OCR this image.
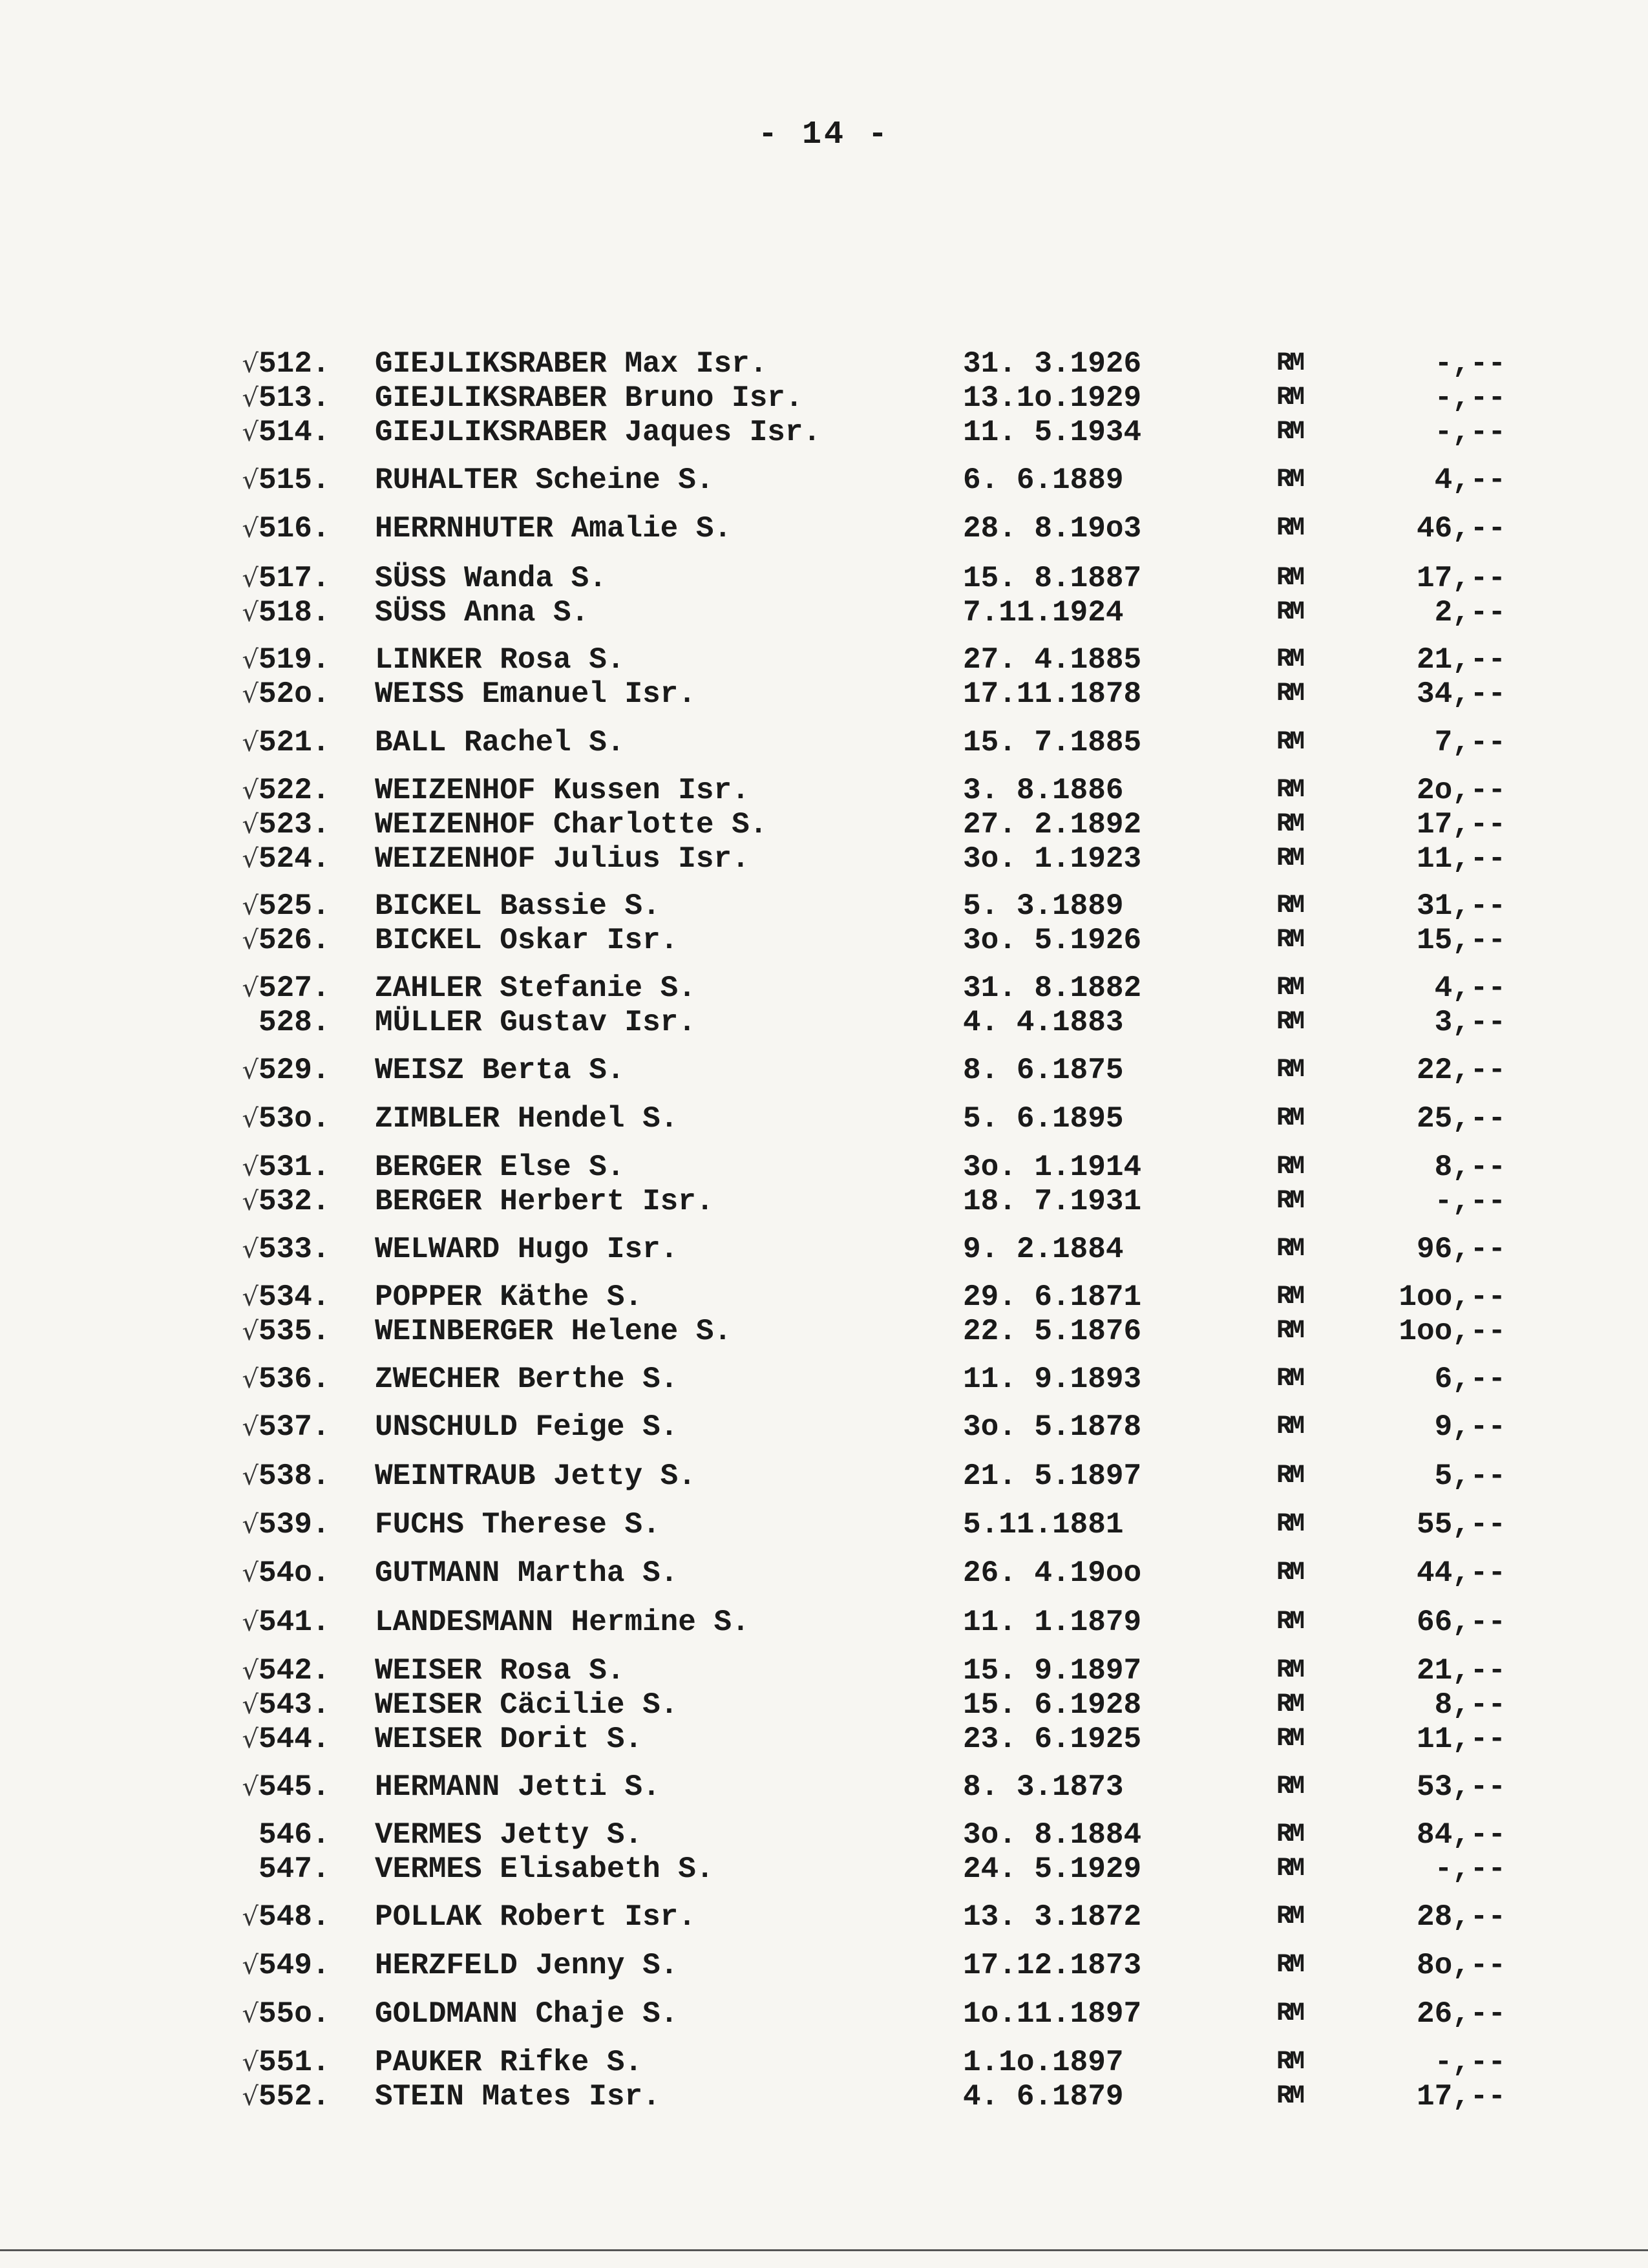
- 14 -
√ 512.	GIEJLIKSRABER Max Isr.	31. 3.1926	RM	-,--
√ 513.	GIEJLIKSRABER Bruno Isr.	13.1o.1929	RM	-,--
√ 514.	GIEJLIKSRABER Jaques Isr.	11. 5.1934	RM	-,--
√ 515.	RUHALTER Scheine S.	6. 6.1889	RM	4,--
√ 516.	HERRNHUTER Amalie S.	28. 8.19o3	RM	46,--
√ 517.	SÜSS Wanda S.	15. 8.1887	RM	17,--
√ 518.	SÜSS Anna S.	7.11.1924	RM	2,--
√ 519.	LINKER Rosa S.	27. 4.1885	RM	21,--
√ 52o.	WEISS Emanuel Isr.	17.11.1878	RM	34,--
√ 521.	BALL Rachel S.	15. 7.1885	RM	7,--
√ 522.	WEIZENHOF Kussen Isr.	3. 8.1886	RM	2o,--
√ 523.	WEIZENHOF Charlotte S.	27. 2.1892	RM	17,--
√ 524.	WEIZENHOF Julius Isr.	3o. 1.1923	RM	11,--
√ 525.	BICKEL Bassie S.	5. 3.1889	RM	31,--
√ 526.	BICKEL Oskar Isr.	3o. 5.1926	RM	15,--
√ 527.	ZAHLER Stefanie S.	31. 8.1882	RM	4,--
528.	MÜLLER Gustav Isr.	4. 4.1883	RM	3,--
√ 529.	WEISZ Berta S.	8. 6.1875	RM	22,--
√ 53o.	ZIMBLER Hendel S.	5. 6.1895	RM	25,--
√ 531.	BERGER Else S.	3o. 1.1914	RM	8,--
√ 532.	BERGER Herbert Isr.	18. 7.1931	RM	-,--
√ 533.	WELWARD Hugo Isr.	9. 2.1884	RM	96,--
√ 534.	POPPER Käthe S.	29. 6.1871	RM	1oo,--
√ 535.	WEINBERGER Helene S.	22. 5.1876	RM	1oo,--
√ 536.	ZWECHER Berthe S.	11. 9.1893	RM	6,--
√ 537.	UNSCHULD Feige S.	3o. 5.1878	RM	9,--
√ 538.	WEINTRAUB Jetty S.	21. 5.1897	RM	5,--
√ 539.	FUCHS Therese S.	5.11.1881	RM	55,--
√ 54o.	GUTMANN Martha S.	26. 4.19oo	RM	44,--
√ 541.	LANDESMANN Hermine S.	11. 1.1879	RM	66,--
√ 542.	WEISER Rosa S.	15. 9.1897	RM	21,--
√ 543.	WEISER Cäcilie S.	15. 6.1928	RM	8,--
√ 544.	WEISER Dorit S.	23. 6.1925	RM	11,--
√ 545.	HERMANN Jetti S.	8. 3.1873	RM	53,--
546.	VERMES Jetty S.	3o. 8.1884	RM	84,--
547.	VERMES Elisabeth S.	24. 5.1929	RM	-,--
√ 548.	POLLAK Robert Isr.	13. 3.1872	RM	28,--
√ 549.	HERZFELD Jenny S.	17.12.1873	RM	8o,--
√ 55o.	GOLDMANN Chaje S.	1o.11.1897	RM	26,--
√ 551.	PAUKER Rifke S.	1.1o.1897	RM	-,--
√ 552.	STEIN Mates Isr.	4. 6.1879	RM	17,--
